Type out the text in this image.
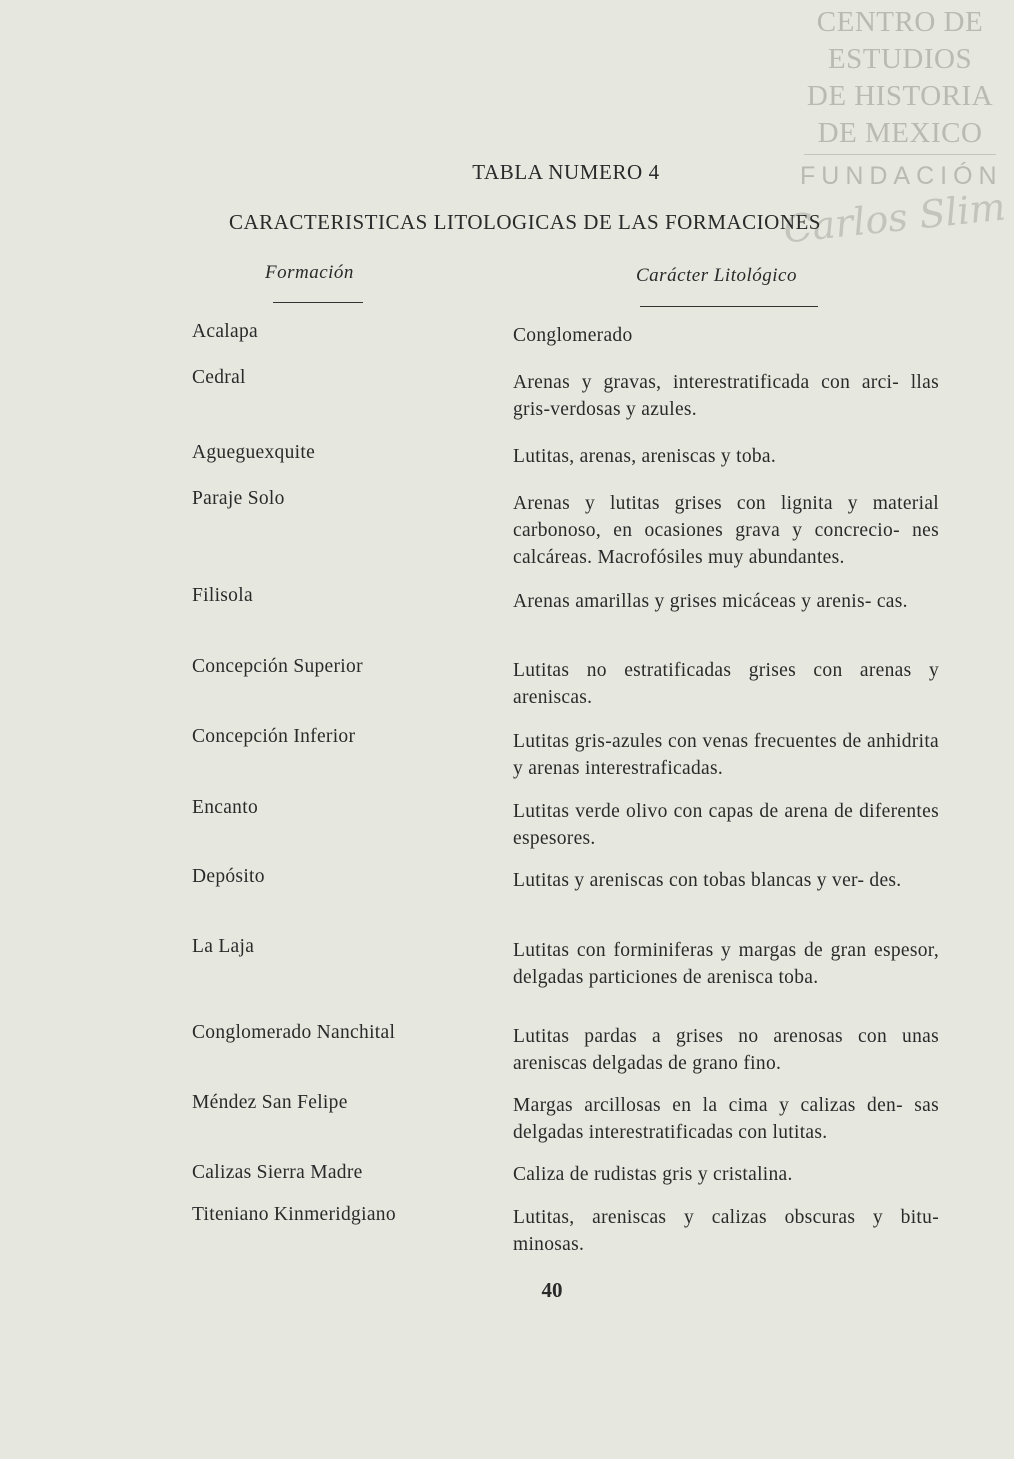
CENTRO DE
ESTUDIOS
DE HISTORIA
DE MEXICO
FUNDACIÓN
Carlos Slim
TABLA NUMERO 4
CARACTERISTICAS LITOLOGICAS DE LAS FORMACIONES
Formación	Carácter Litológico
Acalapa	Conglomerado
Cedral	Arenas y gravas, interestratificada con arci- llas gris-verdosas y azules.
Agueguexquite	Lutitas, arenas, areniscas y toba.
Paraje Solo	Arenas y lutitas grises con lignita y material carbonoso, en ocasiones grava y concrecio- nes calcáreas. Macrofósiles muy abundantes.
Filisola	Arenas amarillas y grises micáceas y arenis- cas.
Concepción Superior	Lutitas no estratificadas grises con arenas y areniscas.
Concepción Inferior	Lutitas gris-azules con venas frecuentes de anhidrita y arenas interestraficadas.
Encanto	Lutitas verde olivo con capas de arena de diferentes espesores.
Depósito	Lutitas y areniscas con tobas blancas y ver- des.
La Laja	Lutitas con forminiferas y margas de gran espesor, delgadas particiones de arenisca toba.
Conglomerado Nanchital	Lutitas pardas a grises no arenosas con unas areniscas delgadas de grano fino.
Méndez San Felipe	Margas arcillosas en la cima y calizas den- sas delgadas interestratificadas con lutitas.
Calizas Sierra Madre	Caliza de rudistas gris y cristalina.
Titeniano Kinmeridgiano	Lutitas, areniscas y calizas obscuras y bitu- minosas.
40
